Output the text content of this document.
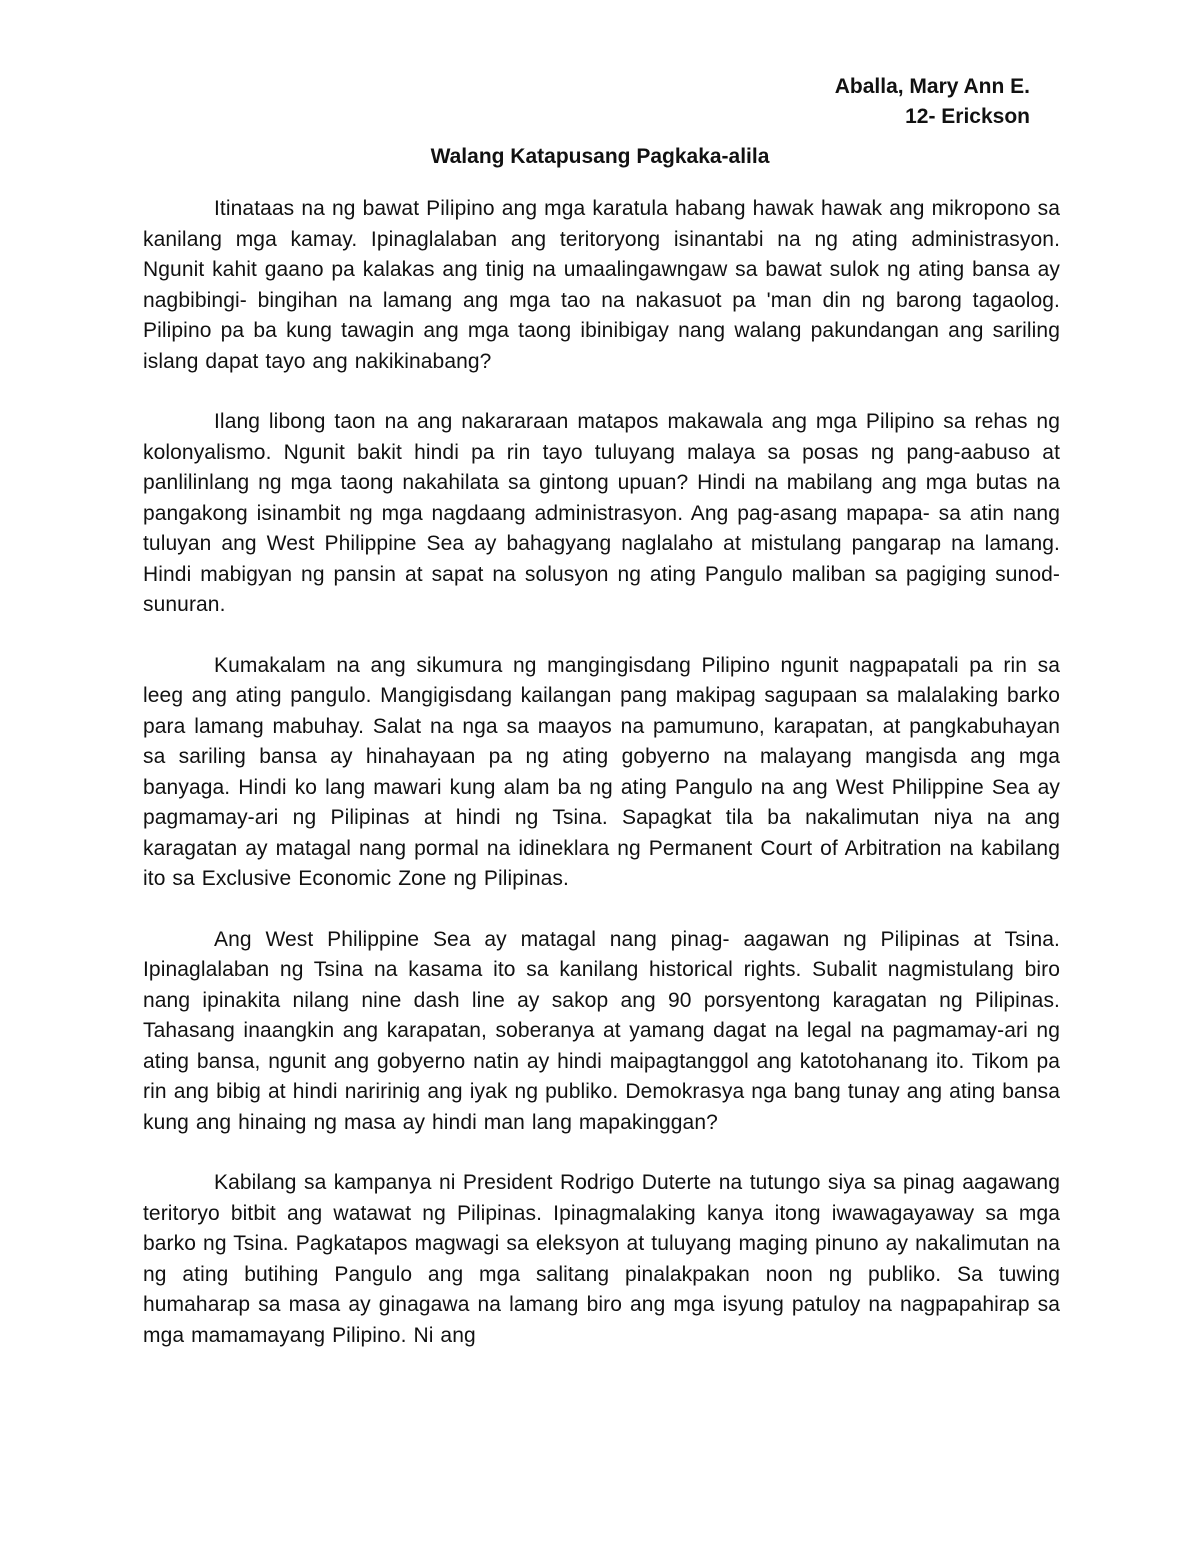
Aballa, Mary Ann E.
12- Erickson
Walang Katapusang Pagkaka-alila

Itinataas na ng bawat Pilipino ang mga karatula habang hawak hawak ang mikropono sa kanilang mga kamay. Ipinaglalaban ang teritoryong isinantabi na ng ating administrasyon. Ngunit kahit gaano pa kalakas ang tinig na umaalingawngaw sa bawat sulok ng ating bansa ay nagbibingi- bingihan na lamang ang mga tao na nakasuot pa 'man din ng barong tagaolog. Pilipino pa ba kung tawagin ang mga taong ibinibigay nang walang pakundangan ang sariling islang dapat tayo ang nakikinabang?

Ilang libong taon na ang nakararaan matapos makawala ang mga Pilipino sa rehas ng kolonyalismo. Ngunit bakit hindi pa rin tayo tuluyang malaya sa posas ng pang-aabuso at panlilinlang ng mga taong nakahilata sa gintong upuan? Hindi na mabilang ang mga butas na pangakong isinambit ng mga nagdaang administrasyon. Ang pag-asang mapapa- sa atin nang tuluyan ang West Philippine Sea ay bahagyang naglalaho at mistulang pangarap na lamang. Hindi mabigyan ng pansin at sapat na solusyon ng ating Pangulo maliban sa pagiging sunod- sunuran.

Kumakalam na ang sikumura ng mangingisdang Pilipino ngunit nagpapatali pa rin sa leeg ang ating pangulo. Mangigisdang kailangan pang makipag sagupaan sa malalaking barko para lamang mabuhay. Salat na nga sa maayos na pamumuno, karapatan, at pangkabuhayan sa sariling bansa ay hinahayaan pa ng ating gobyerno na malayang mangisda ang mga banyaga. Hindi ko lang mawari kung alam ba ng ating Pangulo na ang West Philippine Sea ay pagmamay-ari ng Pilipinas at hindi ng Tsina. Sapagkat tila ba nakalimutan niya na ang karagatan ay matagal nang pormal na idineklara ng Permanent Court of Arbitration na kabilang ito sa Exclusive Economic Zone ng Pilipinas.

Ang West Philippine Sea ay matagal nang pinag- aagawan ng Pilipinas at Tsina. Ipinaglalaban ng Tsina na kasama ito sa kanilang historical rights. Subalit nagmistulang biro nang ipinakita nilang nine dash line ay sakop ang 90 porsyentong karagatan ng Pilipinas. Tahasang inaangkin ang karapatan, soberanya at yamang dagat na legal na pagmamay-ari ng ating bansa, ngunit ang gobyerno natin ay hindi maipagtanggol ang katotohanang ito. Tikom pa rin ang bibig at hindi naririnig ang iyak ng publiko. Demokrasya nga bang tunay ang ating bansa kung ang hinaing ng masa ay hindi man lang mapakinggan?

Kabilang sa kampanya ni President Rodrigo Duterte na tutungo siya sa pinag aagawang teritoryo bitbit ang watawat ng Pilipinas. Ipinagmalaking kanya itong iwawagayaway sa mga barko ng Tsina. Pagkatapos magwagi sa eleksyon at tuluyang maging pinuno ay nakalimutan na ng ating butihing Pangulo ang mga salitang pinalakpakan noon ng publiko. Sa tuwing humaharap sa masa ay ginagawa na lamang biro ang mga isyung patuloy na nagpapahirap sa mga mamamayang Pilipino. Ni ang
